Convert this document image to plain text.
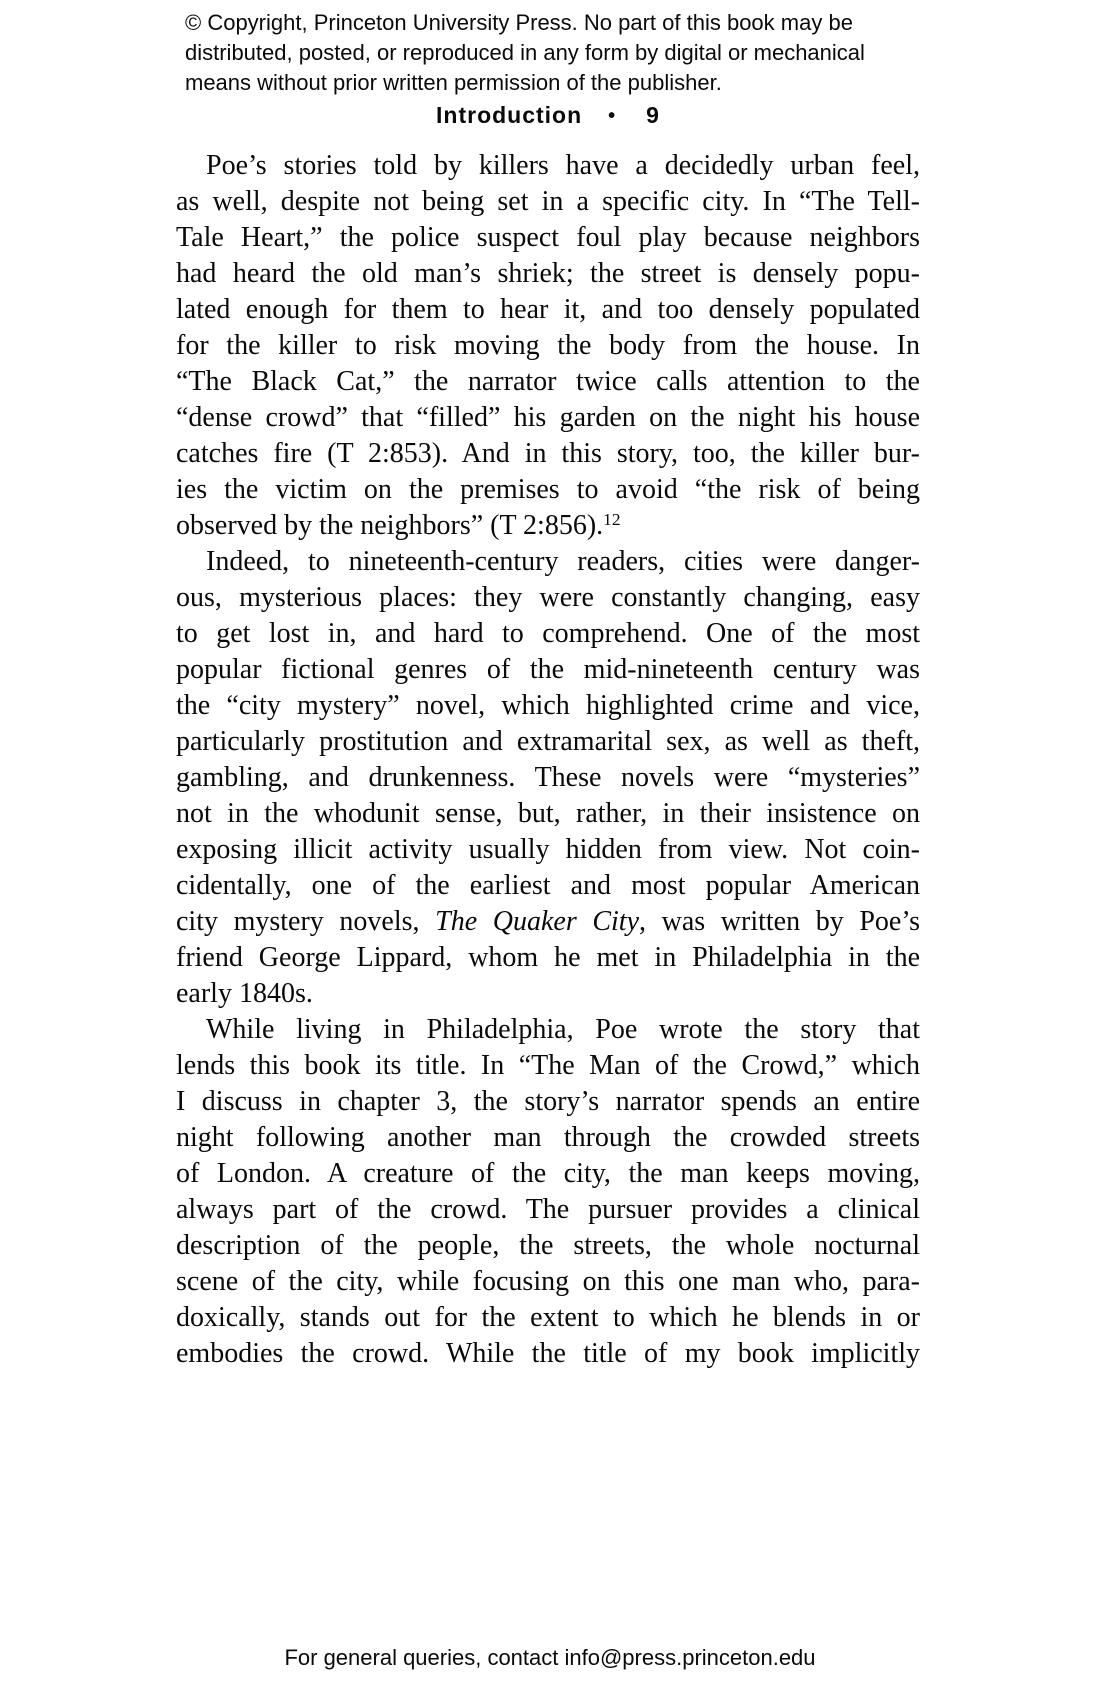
© Copyright, Princeton University Press. No part of this book may be
distributed, posted, or reproduced in any form by digital or mechanical
means without prior written permission of the publisher.
Introduction • 9
Poe’s stories told by killers have a decidedly urban feel,
as well, despite not being set in a specific city. In “The Tell-
Tale Heart,” the police suspect foul play because neighbors
had heard the old man’s shriek; the street is densely popu-
lated enough for them to hear it, and too densely populated
for the killer to risk moving the body from the house. In
“The Black Cat,” the narrator twice calls attention to the
“dense crowd” that “filled” his garden on the night his house
catches fire (T 2:853). And in this story, too, the killer bur-
ies the victim on the premises to avoid “the risk of being
observed by the neighbors” (T 2:856).$^{12}$
Indeed, to nineteenth-century readers, cities were danger-
ous, mysterious places: they were constantly changing, easy
to get lost in, and hard to comprehend. One of the most
popular fictional genres of the mid-nineteenth century was
the “city mystery” novel, which highlighted crime and vice,
particularly prostitution and extramarital sex, as well as theft,
gambling, and drunkenness. These novels were “mysteries”
not in the whodunit sense, but, rather, in their insistence on
exposing illicit activity usually hidden from view. Not coin-
cidentally, one of the earliest and most popular American
city mystery novels, The Quaker City, was written by Poe’s
friend George Lippard, whom he met in Philadelphia in the
early 1840s.
While living in Philadelphia, Poe wrote the story that
lends this book its title. In “The Man of the Crowd,” which
I discuss in chapter 3, the story’s narrator spends an entire
night following another man through the crowded streets
of London. A creature of the city, the man keeps moving,
always part of the crowd. The pursuer provides a clinical
description of the people, the streets, the whole nocturnal
scene of the city, while focusing on this one man who, para-
doxically, stands out for the extent to which he blends in or
embodies the crowd. While the title of my book implicitly
For general queries, contact info@press.princeton.edu
